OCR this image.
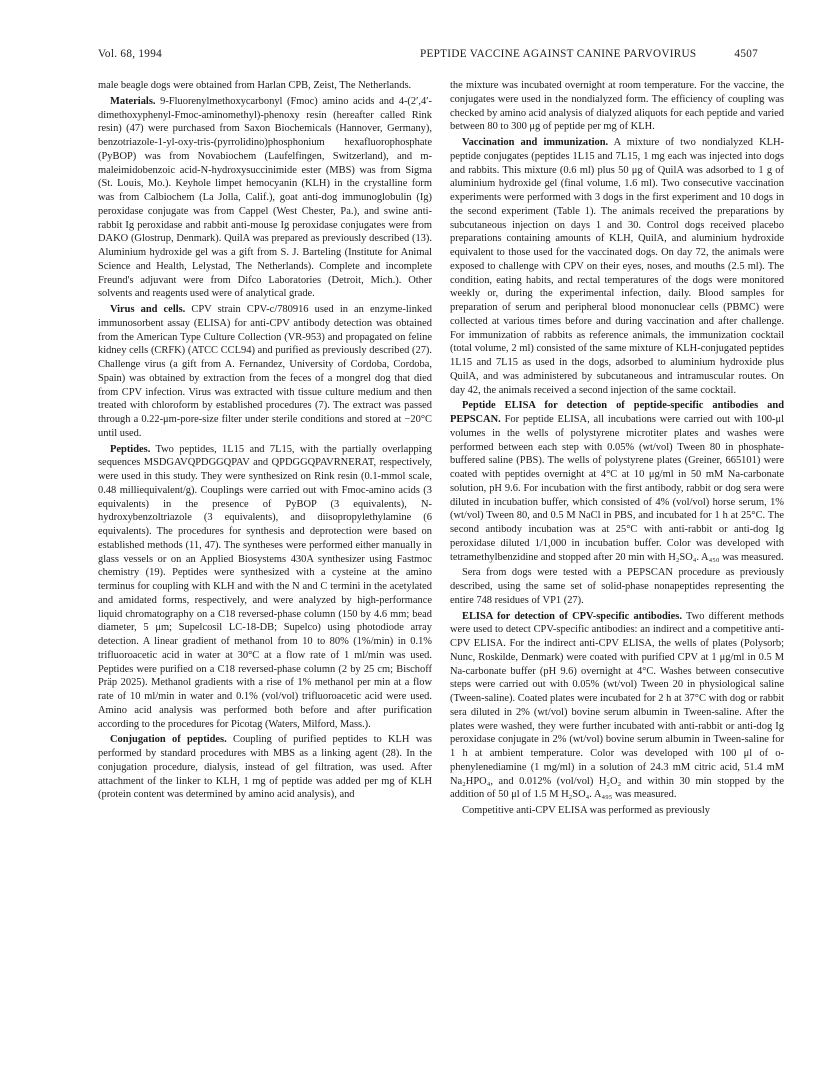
Vol. 68, 1994	PEPTIDE VACCINE AGAINST CANINE PARVOVIRUS	4507

male beagle dogs were obtained from Harlan CPB, Zeist, The Netherlands.

Materials. 9-Fluorenylmethoxycarbonyl (Fmoc) amino acids and 4-(2′,4′-dimethoxyphenyl-Fmoc-aminomethyl)-phenoxy resin (hereafter called Rink resin) (47) were purchased from Saxon Biochemicals (Hannover, Germany), benzotriazole-1-yl-oxy-tris-(pyrrolidino)phosphonium hexafluorophosphate (PyBOP) was from Novabiochem (Laufelfingen, Switzerland), and m-maleimidobenzoic acid-N-hydroxysuccinimide ester (MBS) was from Sigma (St. Louis, Mo.). Keyhole limpet hemocyanin (KLH) in the crystalline form was from Calbiochem (La Jolla, Calif.), goat anti-dog immunoglobulin (Ig) peroxidase conjugate was from Cappel (West Chester, Pa.), and swine anti-rabbit Ig peroxidase and rabbit anti-mouse Ig peroxidase conjugates were from DAKO (Glostrup, Denmark). QuilA was prepared as previously described (13). Aluminium hydroxide gel was a gift from S. J. Barteling (Institute for Animal Science and Health, Lelystad, The Netherlands). Complete and incomplete Freund's adjuvant were from Difco Laboratories (Detroit, Mich.). Other solvents and reagents used were of analytical grade.

Virus and cells. CPV strain CPV-c/780916 used in an enzyme-linked immunosorbent assay (ELISA) for anti-CPV antibody detection was obtained from the American Type Culture Collection (VR-953) and propagated on feline kidney cells (CRFK) (ATCC CCL94) and purified as previously described (27). Challenge virus (a gift from A. Fernandez, University of Cordoba, Cordoba, Spain) was obtained by extraction from the feces of a mongrel dog that died from CPV infection. Virus was extracted with tissue culture medium and then treated with chloroform by established procedures (7). The extract was passed through a 0.22-μm-pore-size filter under sterile conditions and stored at −20°C until used.

Peptides. Two peptides, 1L15 and 7L15, with the partially overlapping sequences MSDGAVQPDGGQPAV and QPDGGQPAVRNERAT, respectively, were used in this study. They were synthesized on Rink resin (0.1-mmol scale, 0.48 milliequivalent/g). Couplings were carried out with Fmoc-amino acids (3 equivalents) in the presence of PyBOP (3 equivalents), N-hydroxybenzoltriazole (3 equivalents), and diisopropylethylamine (6 equivalents). The procedures for synthesis and deprotection were based on established methods (11, 47). The syntheses were performed either manually in glass vessels or on an Applied Biosystems 430A synthesizer using Fastmoc chemistry (19). Peptides were synthesized with a cysteine at the amino terminus for coupling with KLH and with the N and C termini in the acetylated and amidated forms, respectively, and were analyzed by high-performance liquid chromatography on a C18 reversed-phase column (150 by 4.6 mm; bead diameter, 5 μm; Supelcosil LC-18-DB; Supelco) using photodiode array detection. A linear gradient of methanol from 10 to 80% (1%/min) in 0.1% trifluoroacetic acid in water at 30°C at a flow rate of 1 ml/min was used. Peptides were purified on a C18 reversed-phase column (2 by 25 cm; Bischoff Präp 2025). Methanol gradients with a rise of 1% methanol per min at a flow rate of 10 ml/min in water and 0.1% (vol/vol) trifluoroacetic acid were used. Amino acid analysis was performed both before and after purification according to the procedures for Picotag (Waters, Milford, Mass.).

Conjugation of peptides. Coupling of purified peptides to KLH was performed by standard procedures with MBS as a linking agent (28). In the conjugation procedure, dialysis, instead of gel filtration, was used. After attachment of the linker to KLH, 1 mg of peptide was added per mg of KLH (protein content was determined by amino acid analysis), and

the mixture was incubated overnight at room temperature. For the vaccine, the conjugates were used in the nondialyzed form. The efficiency of coupling was checked by amino acid analysis of dialyzed aliquots for each peptide and varied between 80 to 300 μg of peptide per mg of KLH.

Vaccination and immunization. A mixture of two nondialyzed KLH-peptide conjugates (peptides 1L15 and 7L15, 1 mg each was injected into dogs and rabbits. This mixture (0.6 ml) plus 50 μg of QuilA was adsorbed to 1 g of aluminium hydroxide gel (final volume, 1.6 ml). Two consecutive vaccination experiments were performed with 3 dogs in the first experiment and 10 dogs in the second experiment (Table 1). The animals received the preparations by subcutaneous injection on days 1 and 30. Control dogs received placebo preparations containing amounts of KLH, QuilA, and aluminium hydroxide equivalent to those used for the vaccinated dogs. On day 72, the animals were exposed to challenge with CPV on their eyes, noses, and mouths (2.5 ml). The condition, eating habits, and rectal temperatures of the dogs were monitored weekly or, during the experimental infection, daily. Blood samples for preparation of serum and peripheral blood mononuclear cells (PBMC) were collected at various times before and during vaccination and after challenge. For immunization of rabbits as reference animals, the immunization cocktail (total volume, 2 ml) consisted of the same mixture of KLH-conjugated peptides 1L15 and 7L15 as used in the dogs, adsorbed to aluminium hydroxide plus QuilA, and was administered by subcutaneous and intramuscular routes. On day 42, the animals received a second injection of the same cocktail.

Peptide ELISA for detection of peptide-specific antibodies and PEPSCAN. For peptide ELISA, all incubations were carried out with 100-μl volumes in the wells of polystyrene microtiter plates and washes were performed between each step with 0.05% (wt/vol) Tween 80 in phosphate-buffered saline (PBS). The wells of polystyrene plates (Greiner, 665101) were coated with peptides overnight at 4°C at 10 μg/ml in 50 mM Na-carbonate solution, pH 9.6. For incubation with the first antibody, rabbit or dog sera were diluted in incubation buffer, which consisted of 4% (vol/vol) horse serum, 1% (wt/vol) Tween 80, and 0.5 M NaCl in PBS, and incubated for 1 h at 25°C. The second antibody incubation was at 25°C with anti-rabbit or anti-dog Ig peroxidase diluted 1/1,000 in incubation buffer. Color was developed with tetramethylbenzidine and stopped after 20 min with H₂SO₄. A₄₅₀ was measured.

Sera from dogs were tested with a PEPSCAN procedure as previously described, using the same set of solid-phase nonapeptides representing the entire 748 residues of VP1 (27).

ELISA for detection of CPV-specific antibodies. Two different methods were used to detect CPV-specific antibodies: an indirect and a competitive anti-CPV ELISA. For the indirect anti-CPV ELISA, the wells of plates (Polysorb; Nunc, Roskilde, Denmark) were coated with purified CPV at 1 μg/ml in 0.5 M Na-carbonate buffer (pH 9.6) overnight at 4°C. Washes between consecutive steps were carried out with 0.05% (wt/vol) Tween 20 in physiological saline (Tween-saline). Coated plates were incubated for 2 h at 37°C with dog or rabbit sera diluted in 2% (wt/vol) bovine serum albumin in Tween-saline. After the plates were washed, they were further incubated with anti-rabbit or anti-dog Ig peroxidase conjugate in 2% (wt/vol) bovine serum albumin in Tween-saline for 1 h at ambient temperature. Color was developed with 100 μl of o-phenylenediamine (1 mg/ml) in a solution of 24.3 mM citric acid, 51.4 mM Na₂HPO₄, and 0.012% (vol/vol) H₂O₂ and within 30 min stopped by the addition of 50 μl of 1.5 M H₂SO₄. A₄₉₅ was measured.

Competitive anti-CPV ELISA was performed as previously
